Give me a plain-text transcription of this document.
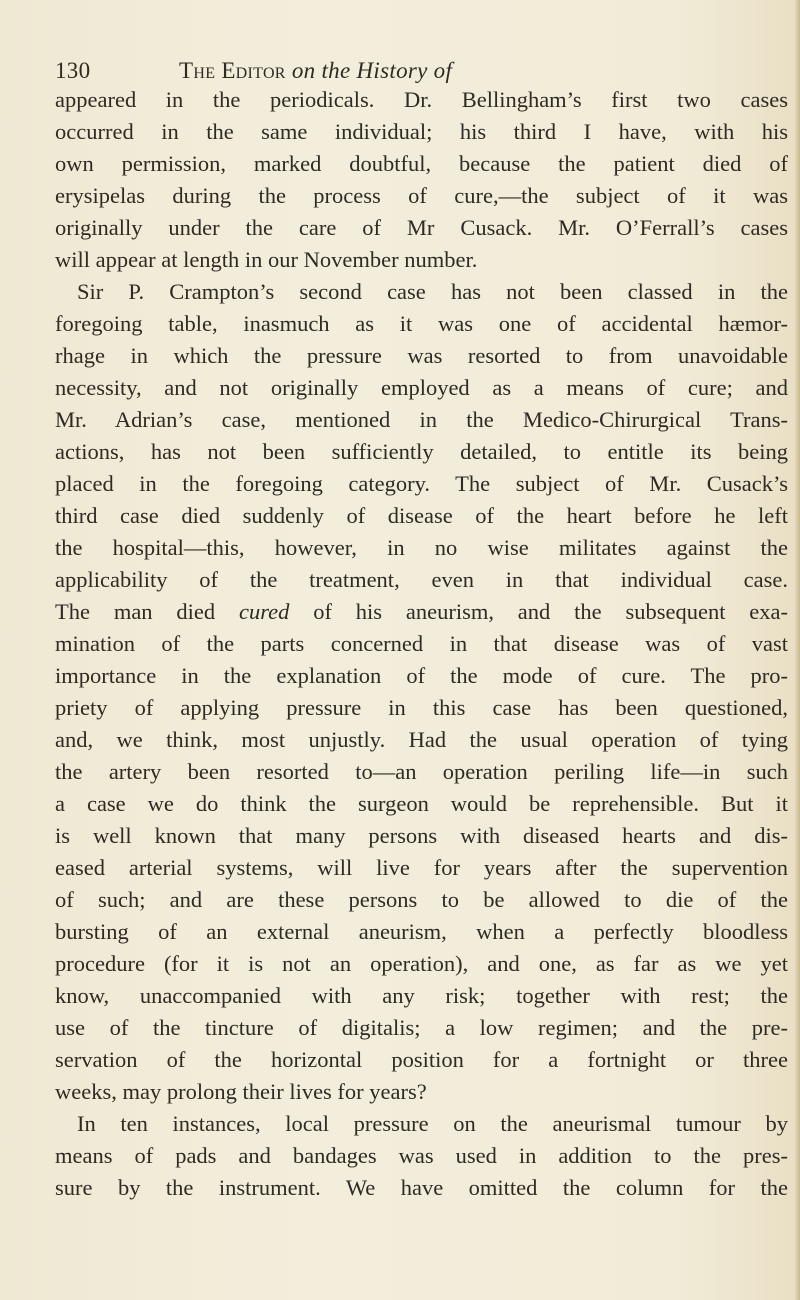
130	The Editor on the History of
appeared in the periodicals. Dr. Bellingham’s first two cases
occurred in the same individual; his third I have, with his
own permission, marked doubtful, because the patient died of
erysipelas during the process of cure,—the subject of it was
originally under the care of Mr Cusack. Mr. O’Ferrall’s cases
will appear at length in our November number.
Sir P. Crampton’s second case has not been classed in the
foregoing table, inasmuch as it was one of accidental hæmor-
rhage in which the pressure was resorted to from unavoidable
necessity, and not originally employed as a means of cure; and
Mr. Adrian’s case, mentioned in the Medico-Chirurgical Trans-
actions, has not been sufficiently detailed, to entitle its being
placed in the foregoing category. The subject of Mr. Cusack’s
third case died suddenly of disease of the heart before he left
the hospital—this, however, in no wise militates against the
applicability of the treatment, even in that individual case.
The man died cured of his aneurism, and the subsequent exa-
mination of the parts concerned in that disease was of vast
importance in the explanation of the mode of cure. The pro-
priety of applying pressure in this case has been questioned,
and, we think, most unjustly. Had the usual operation of tying
the artery been resorted to—an operation periling life—in such
a case we do think the surgeon would be reprehensible. But it
is well known that many persons with diseased hearts and dis-
eased arterial systems, will live for years after the supervention
of such; and are these persons to be allowed to die of the
bursting of an external aneurism, when a perfectly bloodless
procedure (for it is not an operation), and one, as far as we yet
know, unaccompanied with any risk; together with rest; the
use of the tincture of digitalis; a low regimen; and the pre-
servation of the horizontal position for a fortnight or three
weeks, may prolong their lives for years?
In ten instances, local pressure on the aneurismal tumour by
means of pads and bandages was used in addition to the pres-
sure by the instrument. We have omitted the column for the
